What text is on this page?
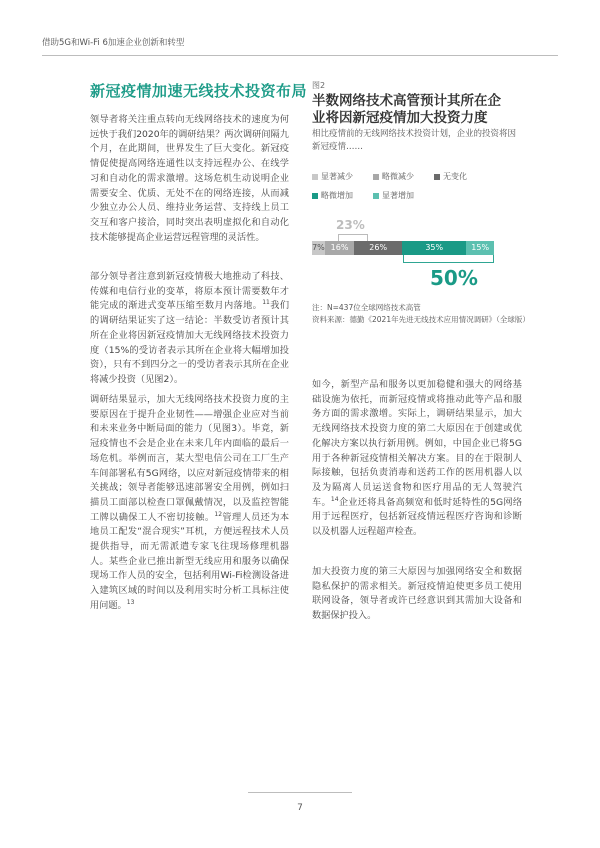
借助5G和Wi-Fi 6加速企业创新和转型
新冠疫情加速无线技术投资布局

领导者将关注重点转向无线网络技术的速度为何远快于我们2020年的调研结果？两次调研间隔九个月，在此期间，世界发生了巨大变化。新冠疫情促使提高网络连通性以支持远程办公、在线学习和自动化的需求激增。这场危机生动说明企业需要安全、优质、无处不在的网络连接，从而减少独立办公人员、维持业务运营、支持线上员工交互和客户接洽，同时突出表明虚拟化和自动化技术能够提高企业运营远程管理的灵活性。

部分领导者注意到新冠疫情极大地推动了科技、传媒和电信行业的变革，将原本预计需要数年才能完成的渐进式变革压缩至数月内落地。$^{11}$我们的调研结果证实了这一结论：半数受访者预计其所在企业将因新冠疫情加大无线网络技术投资力度（15%的受访者表示其所在企业将大幅增加投资），只有不到四分之一的受访者表示其所在企业将减少投资（见图2）。

调研结果显示，加大无线网络技术投资力度的主要原因在于提升企业韧性——增强企业应对当前和未来业务中断局面的能力（见图3）。毕竟，新冠疫情也不会是企业在未来几年内面临的最后一场危机。举例而言，某大型电信公司在工厂生产车间部署私有5G网络，以应对新冠疫情带来的相关挑战；领导者能够迅速部署安全用例，例如扫描员工面部以检查口罩佩戴情况，以及监控智能工牌以确保工人不密切接触。$^{12}$管理人员还为本地员工配发“混合现实”耳机，方便远程技术人员提供指导，而无需派遣专家飞往现场修理机器人。某些企业已推出新型无线应用和服务以确保现场工作人员的安全，包括利用Wi-Fi检测设备进入建筑区域的时间以及利用实时分析工具标注使用问题。$^{13}$

图2
半数网络技术高管预计其所在企业将因新冠疫情加大投资力度
相比疫情前的无线网络技术投资计划，企业的投资将因新冠疫情……
显著减少	略微减少	无变化
略微增加	显著增加
23%
7% 16%	26%	35%	15%
50%
注：N=437位全球网络技术高管
资料来源：德勤《2021年先进无线技术应用情况调研》（全球版）

如今，新型产品和服务以更加稳健和强大的网络基础设施为依托，而新冠疫情或将推动此等产品和服务方面的需求激增。实际上，调研结果显示，加大无线网络技术投资力度的第二大原因在于创建或优化解决方案以执行新用例。例如，中国企业已将5G用于各种新冠疫情相关解决方案。目的在于限制人际接触，包括负责消毒和送药工作的医用机器人以及为隔离人员运送食物和医疗用品的无人驾驶汽车。$^{14}$企业还将具备高频宽和低时延特性的5G网络用于远程医疗，包括新冠疫情远程医疗咨询和诊断以及机器人远程超声检查。

加大投资力度的第三大原因与加强网络安全和数据隐私保护的需求相关。新冠疫情迫使更多员工使用联网设备，领导者或许已经意识到其需加大设备和数据保护投入。

7
